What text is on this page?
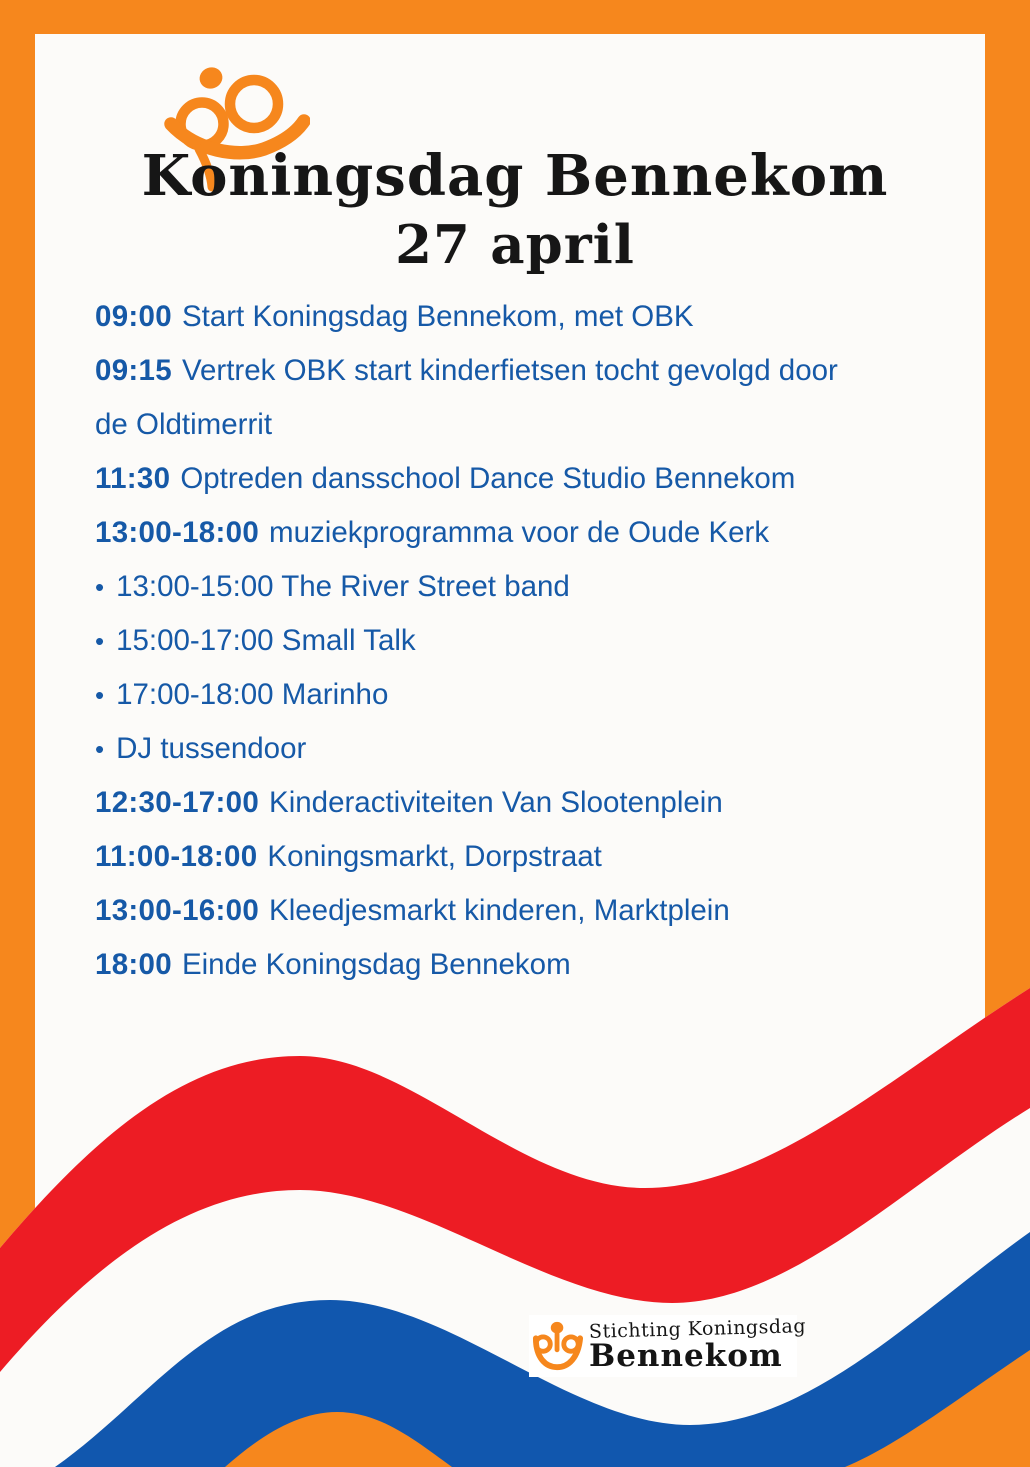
Koningsdag Bennekom
27 april
09:00 Start Koningsdag Bennekom, met OBK
09:15 Vertrek OBK start kinderfietsen tocht gevolgd door
de Oldtimerrit
11:30 Optreden dansschool Dance Studio Bennekom
13:00-18:00 muziekprogramma voor de Oude Kerk
• 13:00-15:00 The River Street band
• 15:00-17:00 Small Talk
• 17:00-18:00 Marinho
• DJ tussendoor
12:30-17:00 Kinderactiviteiten Van Slootenplein
11:00-18:00 Koningsmarkt, Dorpstraat
13:00-16:00 Kleedjesmarkt kinderen, Marktplein
18:00 Einde Koningsdag Bennekom
Stichting Koningsdag
Bennekom
